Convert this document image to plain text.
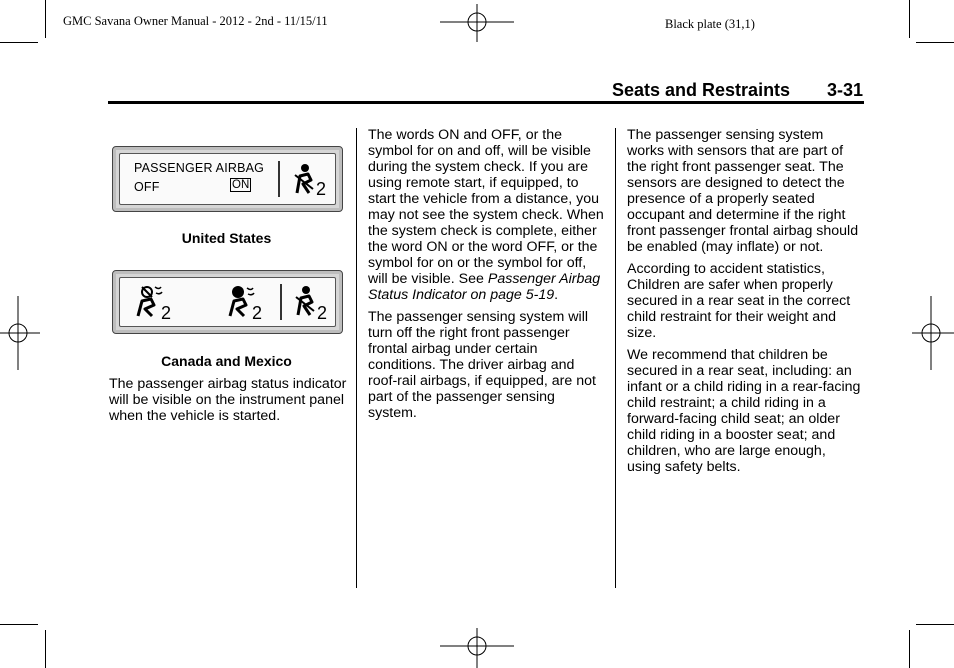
GMC Savana Owner Manual - 2012 - 2nd - 11/15/11	Black plate (31,1)
Seats and Restraints 3-31
PASSENGER AIRBAG
OFF	ON	2
United States
2	2	2
Canada and Mexico

The passenger airbag status indicator will be visible on the instrument panel when the vehicle is started.

The words ON and OFF, or the symbol for on and off, will be visible during the system check. If you are using remote start, if equipped, to start the vehicle from a distance, you may not see the system check. When the system check is complete, either the word ON or the word OFF, or the symbol for on or the symbol for off, will be visible. See Passenger Airbag Status Indicator on page 5-19.

The passenger sensing system will turn off the right front passenger frontal airbag under certain conditions. The driver airbag and roof-rail airbags, if equipped, are not part of the passenger sensing system.

The passenger sensing system works with sensors that are part of the right front passenger seat. The sensors are designed to detect the presence of a properly seated occupant and determine if the right front passenger frontal airbag should be enabled (may inflate) or not.

According to accident statistics, Children are safer when properly secured in a rear seat in the correct child restraint for their weight and size.

We recommend that children be secured in a rear seat, including: an infant or a child riding in a rear-facing child restraint; a child riding in a forward-facing child seat; an older child riding in a booster seat; and children, who are large enough, using safety belts.
